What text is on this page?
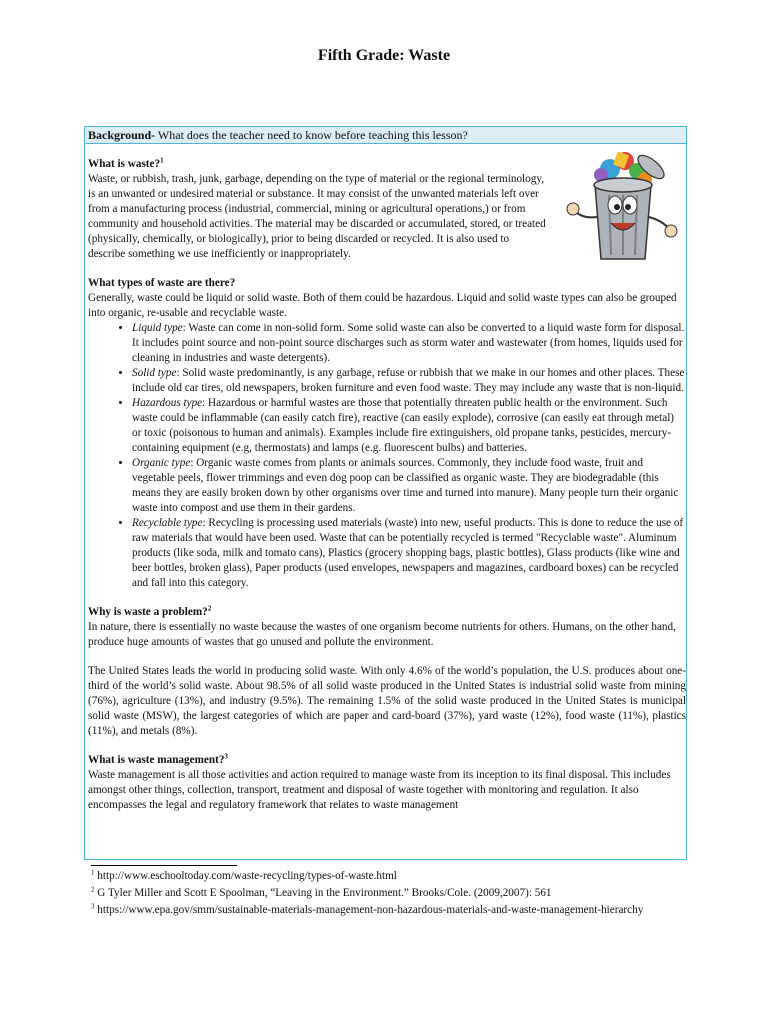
Fifth Grade: Waste
Background- What does the teacher need to know before teaching this lesson?
What is waste?$^1$
Waste, or rubbish, trash, junk, garbage, depending on the type of material or the regional terminology, is an unwanted or undesired material or substance. It may consist of the unwanted materials left over from a manufacturing process (industrial, commercial, mining or agricultural operations,) or from community and household activities. The material may be discarded or accumulated, stored, or treated (physically, chemically, or biologically), prior to being discarded or recycled. It is also used to describe something we use inefficiently or inappropriately.
What types of waste are there?
Generally, waste could be liquid or solid waste. Both of them could be hazardous. Liquid and solid waste types can also be grouped into organic, re-usable and recyclable waste.
• Liquid type: Waste can come in non-solid form. Some solid waste can also be converted to a liquid waste form for disposal. It includes point source and non-point source discharges such as storm water and wastewater (from homes, liquids used for cleaning in industries and waste detergents).
• Solid type: Solid waste predominantly, is any garbage, refuse or rubbish that we make in our homes and other places. These include old car tires, old newspapers, broken furniture and even food waste. They may include any waste that is non-liquid.
• Hazardous type: Hazardous or harmful wastes are those that potentially threaten public health or the environment. Such waste could be inflammable (can easily catch fire), reactive (can easily explode), corrosive (can easily eat through metal) or toxic (poisonous to human and animals). Examples include fire extinguishers, old propane tanks, pesticides, mercury-containing equipment (e.g, thermostats) and lamps (e.g. fluorescent bulbs) and batteries.
• Organic type: Organic waste comes from plants or animals sources. Commonly, they include food waste, fruit and vegetable peels, flower trimmings and even dog poop can be classified as organic waste. They are biodegradable (this means they are easily broken down by other organisms over time and turned into manure). Many people turn their organic waste into compost and use them in their gardens.
• Recyclable type: Recycling is processing used materials (waste) into new, useful products. This is done to reduce the use of raw materials that would have been used. Waste that can be potentially recycled is termed "Recyclable waste". Aluminum products (like soda, milk and tomato cans), Plastics (grocery shopping bags, plastic bottles), Glass products (like wine and beer bottles, broken glass), Paper products (used envelopes, newspapers and magazines, cardboard boxes) can be recycled and fall into this category.
Why is waste a problem?$^2$
In nature, there is essentially no waste because the wastes of one organism become nutrients for others. Humans, on the other hand, produce huge amounts of wastes that go unused and pollute the environment.
The United States leads the world in producing solid waste. With only 4.6% of the world’s population, the U.S. produces about one-third of the world’s solid waste. About 98.5% of all solid waste produced in the United States is industrial solid waste from mining (76%), agriculture (13%), and industry (9.5%). The remaining 1.5% of the solid waste produced in the United States is municipal solid waste (MSW), the largest categories of which are paper and card-board (37%), yard waste (12%), food waste (11%), plastics (11%), and metals (8%).
What is waste management?$^3$
Waste management is all those activities and action required to manage waste from its inception to its final disposal. This includes amongst other things, collection, transport, treatment and disposal of waste together with monitoring and regulation. It also encompasses the legal and regulatory framework that relates to waste management
$^1$ http://www.eschooltoday.com/waste-recycling/types-of-waste.html
$^2$ G Tyler Miller and Scott E Spoolman, “Leaving in the Environment.” Brooks/Cole. (2009,2007): 561
$^3$ https://www.epa.gov/smm/sustainable-materials-management-non-hazardous-materials-and-waste-management-hierarchy
